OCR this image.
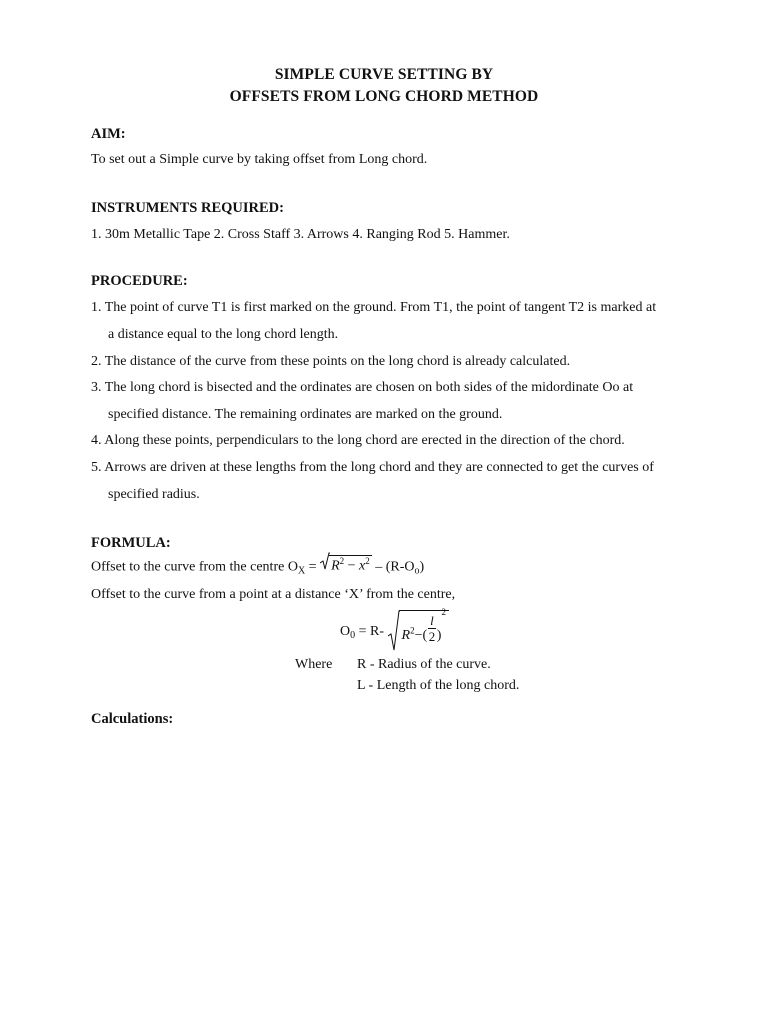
SIMPLE CURVE SETTING BY
OFFSETS FROM LONG CHORD METHOD
AIM:
To set out a Simple curve by taking offset from Long chord.
INSTRUMENTS REQUIRED:
1. 30m Metallic Tape 2. Cross Staff 3. Arrows 4. Ranging Rod 5. Hammer.
PROCEDURE:
1. The point of curve T1 is first marked on the ground. From T1, the point of tangent T2 is marked at
a distance equal to the long chord length.
2. The distance of the curve from these points on the long chord is already calculated.
3. The long chord is bisected and the ordinates are chosen on both sides of the midordinate Oo at
specified distance. The remaining ordinates are marked on the ground.
4. Along these points, perpendiculars to the long chord are erected in the direction of the chord.
5. Arrows are driven at these lengths from the long chord and they are connected to get the curves of
specified radius.
FORMULA:
Offset to the curve from the centre $O_X$ =
$R^2 - x^2 - (R-O_o)$
Offset to the curve from a point at a distance ‘X’ from the centre,
$O_0 = R-$
$R^2-( \frac{l}{2} )^2$
Where R - Radius of the curve.
L - Length of the long chord.
Calculations:
